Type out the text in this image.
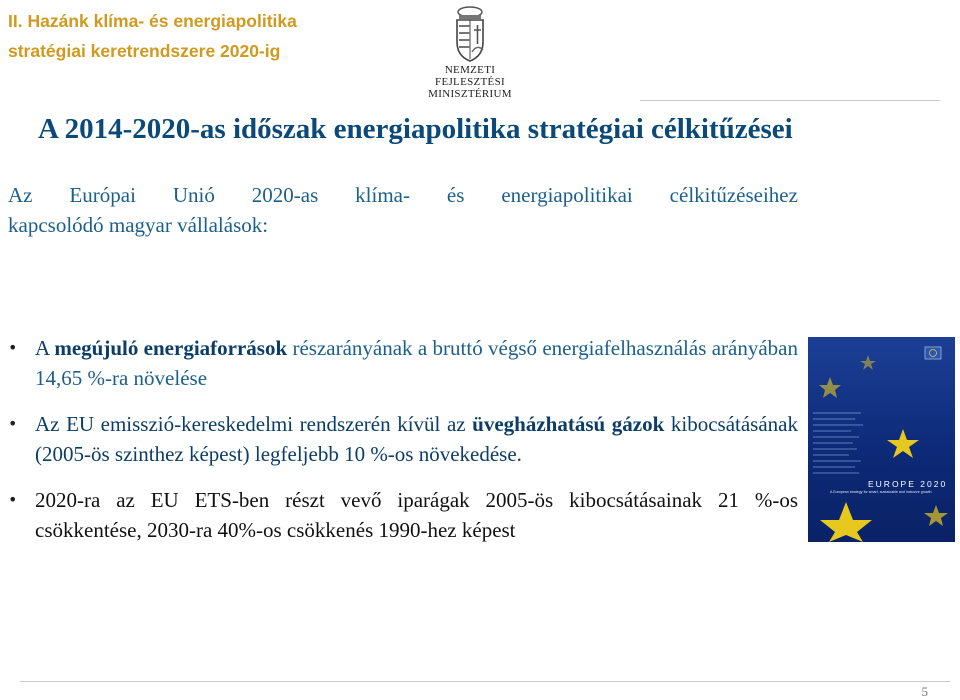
II. Hazánk klíma- és energiapolitika
stratégiai keretrendszere 2020-ig
NEMZETI FEJLESZTÉSI
MINISZTÉRIUM
A 2014-2020-as időszak energiapolitika stratégiai célkitűzései
Az Európai Unió 2020-as klíma- és energiapolitikai célkitűzéseihez
kapcsolódó magyar vállalások:
• A megújuló energiaforrások részarányának a bruttó végső energiafelhasználás arányában 14,65 %-ra növelése
• Az EU emisszió-kereskedelmi rendszerén kívül az üvegházhatású gázok kibocsátásának (2005-ös szinthez képest) legfeljebb 10 %-os növekedése.
• 2020-ra az EU ETS-ben részt vevő iparágak 2005-ös kibocsátásainak 21 %-os csökkentése, 2030-ra 40%-os csökkenés 1990-hez képest
EUROPE 2020
A European strategy for smart, sustainable and inclusive growth
5
